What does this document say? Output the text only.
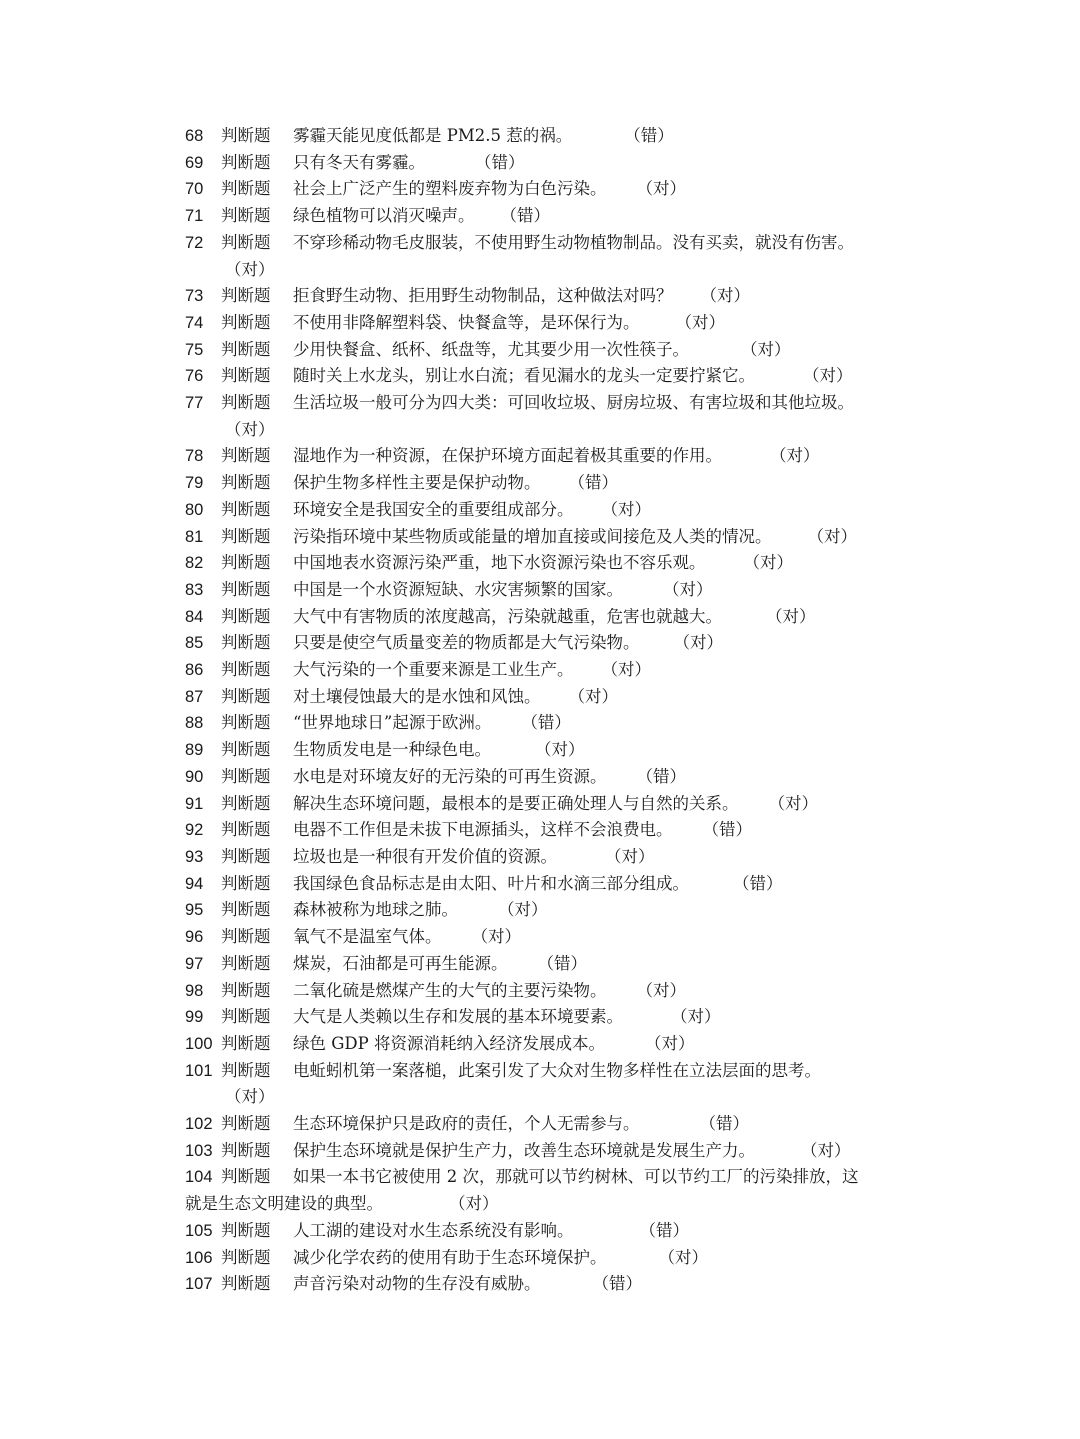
68 判断题 雾霾天能见度低都是 PM2.5 惹的祸。	（错）
69 判断题 只有冬天有雾霾。	（错）
70 判断题 社会上广泛产生的塑料废弃物为白色污染。 （对）
71 判断题 绿色植物可以消灭噪声。 （错）
72 判断题 不穿珍稀动物毛皮服装，不使用野生动物植物制品。没有买卖，就没有伤害。
（对）
73 判断题 拒食野生动物、拒用野生动物制品，这种做法对吗？ （对）
74 判断题 不使用非降解塑料袋、快餐盒等，是环保行为。 （对）
75 判断题 少用快餐盒、纸杯、纸盘等，尤其要少用一次性筷子。	（对）
76 判断题 随时关上水龙头，别让水白流；看见漏水的龙头一定要拧紧它。	（对）
77 判断题 生活垃圾一般可分为四大类：可回收垃圾、厨房垃圾、有害垃圾和其他垃圾。
（对）
78 判断题 湿地作为一种资源，在保护环境方面起着极其重要的作用。	（对）
79 判断题 保护生物多样性主要是保护动物。 （错）
80 判断题 环境安全是我国安全的重要组成部分。 （对）
81 判断题 污染指环境中某些物质或能量的增加直接或间接危及人类的情况。 （对）
82 判断题 中国地表水资源污染严重，地下水资源污染也不容乐观。 （对）
83 判断题 中国是一个水资源短缺、水灾害频繁的国家。 （对）
84 判断题 大气中有害物质的浓度越高，污染就越重，危害也就越大。	（对）
85 判断题 只要是使空气质量变差的物质都是大气污染物。 （对）
86 判断题 大气污染的一个重要来源是工业生产。 （对）
87 判断题 对土壤侵蚀最大的是水蚀和风蚀。 （对）
88 判断题 “世界地球日”起源于欧洲。 （错）
89 判断题 生物质发电是一种绿色电。	（对）
90 判断题 水电是对环境友好的无污染的可再生资源。 （错）
91 判断题 解决生态环境问题，最根本的是要正确处理人与自然的关系。 （对）
92 判断题 电器不工作但是未拔下电源插头，这样不会浪费电。 （错）
93 判断题 垃圾也是一种很有开发价值的资源。	（对）
94 判断题 我国绿色食品标志是由太阳、叶片和水滴三部分组成。	（错）
95 判断题 森林被称为地球之肺。 （对）
96 判断题 氧气不是温室气体。 （对）
97 判断题 煤炭，石油都是可再生能源。 （错）
98 判断题 二氧化硫是燃煤产生的大气的主要污染物。 （对）
99 判断题 大气是人类赖以生存和发展的基本环境要素。	（对）
100 判断题 绿色 GDP 将资源消耗纳入经济发展成本。 （对）
101 判断题 电蚯蚓机第一案落槌，此案引发了大众对生物多样性在立法层面的思考。
（对）
102 判断题 生态环境保护只是政府的责任，个人无需参与。	（错）
103 判断题 保护生态环境就是保护生产力，改善生态环境就是发展生产力。	（对）
104 判断题 如果一本书它被使用 2 次，那就可以节约树林、可以节约工厂的污染排放，这
就是生态文明建设的典型。	（对）
105 判断题 人工湖的建设对水生态系统没有影响。	（错）
106 判断题 减少化学农药的使用有助于生态环境保护。	（对）
107 判断题 声音污染对动物的生存没有威胁。	（错）
